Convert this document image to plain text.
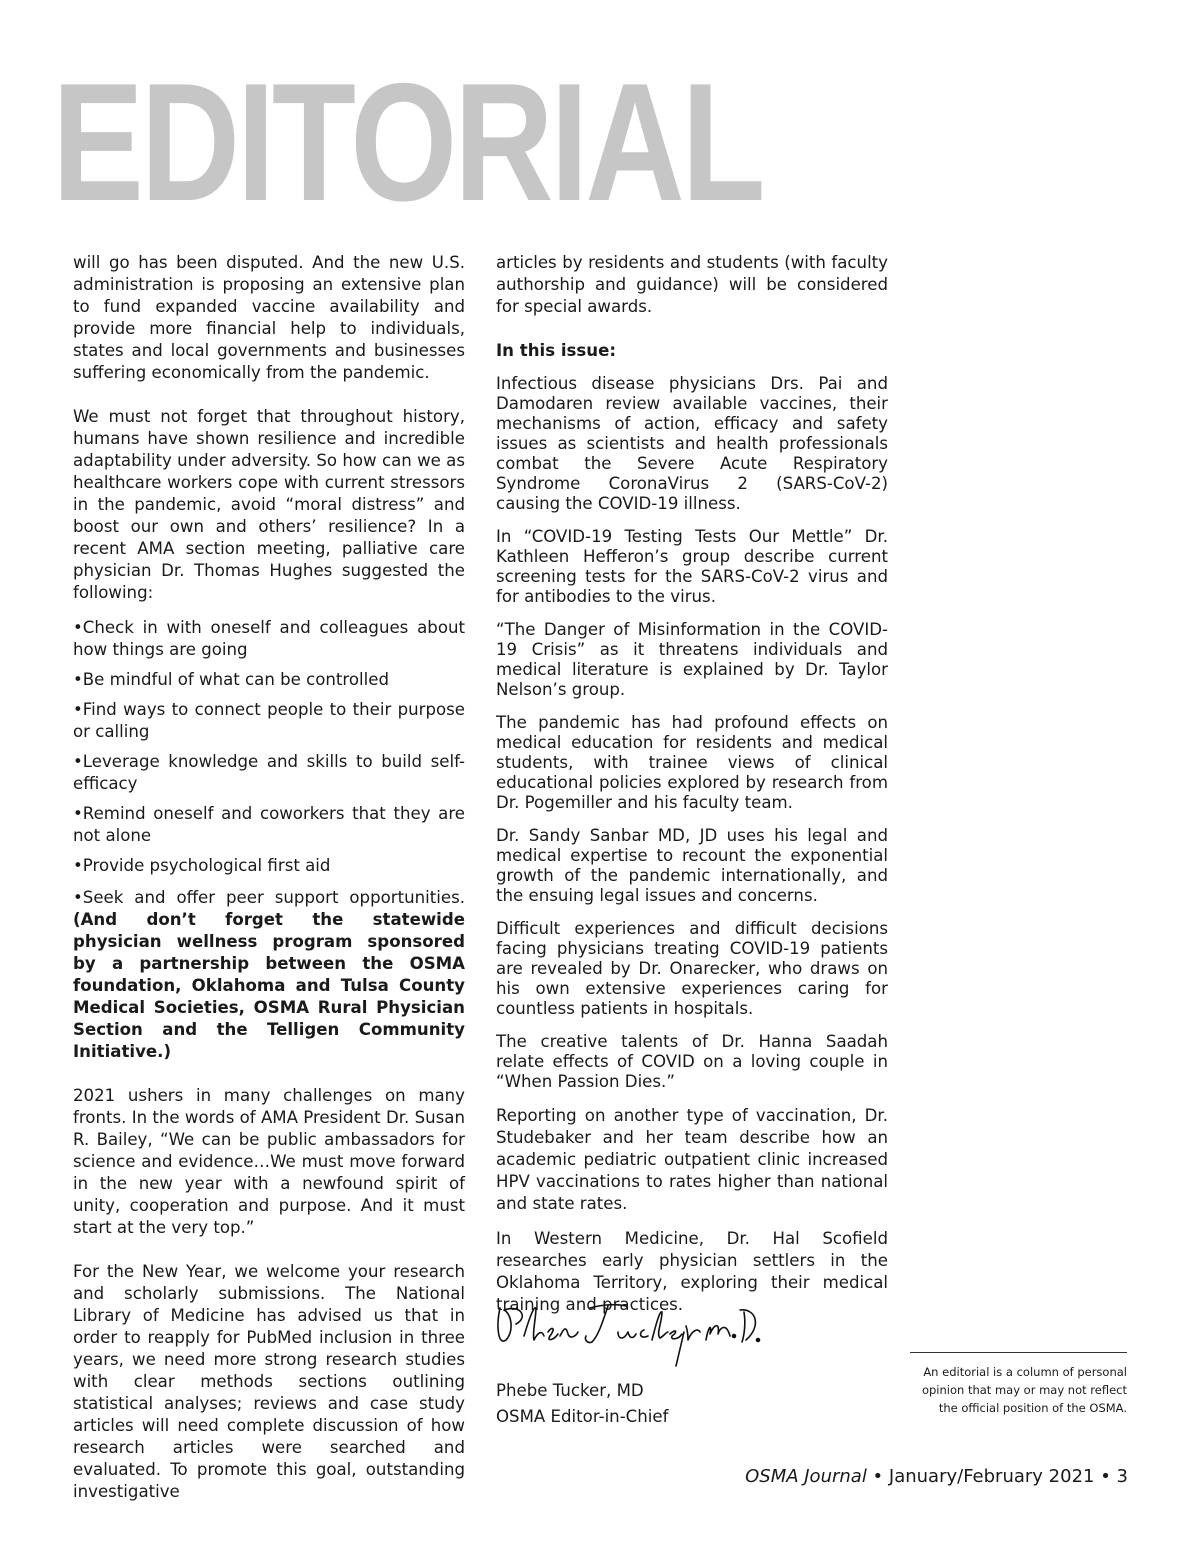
EDITORIAL

will go has been disputed. And the new U.S. administration is proposing an extensive plan to fund expanded vaccine availability and provide more financial help to individuals, states and local governments and businesses suffering economically from the pandemic.

We must not forget that throughout history, humans have shown resilience and incredible adaptability under adversity. So how can we as healthcare workers cope with current stressors in the pandemic, avoid “moral distress” and boost our own and others’ resilience? In a recent AMA section meeting, palliative care physician Dr. Thomas Hughes suggested the following:

•Check in with oneself and colleagues about how things are going

•Be mindful of what can be controlled

•Find ways to connect people to their purpose or calling

•Leverage knowledge and skills to build self-efficacy

•Remind oneself and coworkers that they are not alone

•Provide psychological first aid

•Seek and offer peer support opportunities. (And don’t forget the statewide physician wellness program sponsored by a partnership between the OSMA foundation, Oklahoma and Tulsa County Medical Societies, OSMA Rural Physician Section and the Telligen Community Initiative.)

2021 ushers in many challenges on many fronts. In the words of AMA President Dr. Susan R. Bailey, “We can be public ambassadors for science and evidence…We must move forward in the new year with a newfound spirit of unity, cooperation and purpose. And it must start at the very top.”

For the New Year, we welcome your research and scholarly submissions. The National Library of Medicine has advised us that in order to reapply for PubMed inclusion in three years, we need more strong research studies with clear methods sections outlining statistical analyses; reviews and case study articles will need complete discussion of how research articles were searched and evaluated. To promote this goal, outstanding investigative

articles by residents and students (with faculty authorship and guidance) will be considered for special awards.

In this issue:

Infectious disease physicians Drs. Pai and Damodaren review available vaccines, their mechanisms of action, efficacy and safety issues as scientists and health professionals combat the Severe Acute Respiratory Syndrome CoronaVirus 2 (SARS-CoV-2) causing the COVID-19 illness.

In “COVID-19 Testing Tests Our Mettle” Dr. Kathleen Hefferon’s group describe current screening tests for the SARS-CoV-2 virus and for antibodies to the virus.

“The Danger of Misinformation in the COVID-19 Crisis” as it threatens individuals and medical literature is explained by Dr. Taylor Nelson’s group.

The pandemic has had profound effects on medical education for residents and medical students, with trainee views of clinical educational policies explored by research from Dr. Pogemiller and his faculty team.

Dr. Sandy Sanbar MD, JD uses his legal and medical expertise to recount the exponential growth of the pandemic internationally, and the ensuing legal issues and concerns.

Difficult experiences and difficult decisions facing physicians treating COVID-19 patients are revealed by Dr. Onarecker, who draws on his own extensive experiences caring for countless patients in hospitals.

The creative talents of Dr. Hanna Saadah relate effects of COVID on a loving couple in “When Passion Dies.”

Reporting on another type of vaccination, Dr. Studebaker and her team describe how an academic pediatric outpatient clinic increased HPV vaccinations to rates higher than national and state rates.

In Western Medicine, Dr. Hal Scofield researches early physician settlers in the Oklahoma Territory, exploring their medical training and practices.

Phebe Tucker, MD
OSMA Editor-in-Chief
An editorial is a column of personal opinion that may or may not reflect the official position of the OSMA.
OSMA Journal • January/February 2021 • 3
